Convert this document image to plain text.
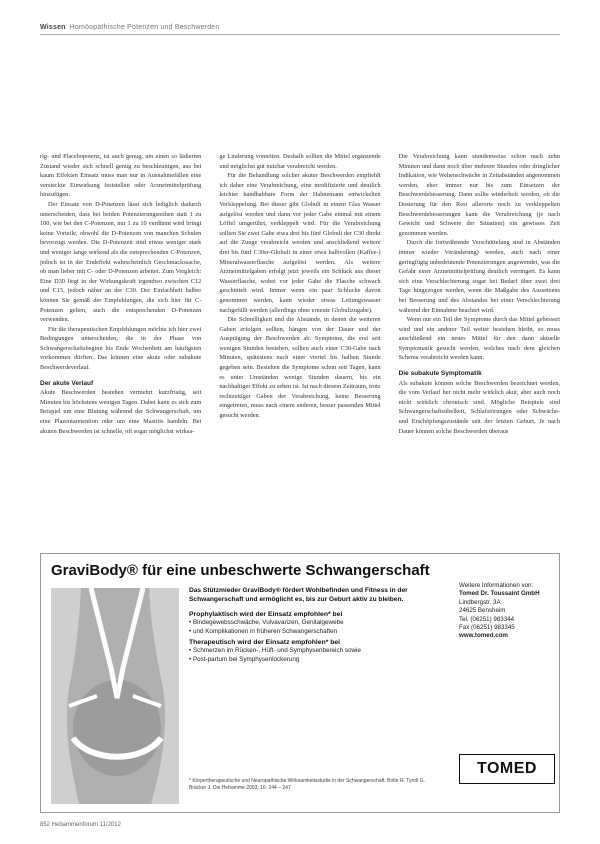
Wissen Homöopathische Potenzen und Beschwerden

rig- und Placebopotenz, ist auch genug, um einen so lädierten Zustand wieder sich schnell genug zu beschleunigen, aus bei kaum Effekten Einsatz muss man nur in Ausnahmefällen eine versteckte Einwirkung feststellen oder Arzneimittelprüfung hinzufügen.

Der Einsatz von D-Potenzen lässt sich lediglich dadurch unterscheiden, dass bei beiden Potenzierungsreihen statt 1 zu 100, wie bei den C-Potenzen, nur 1 zu 10 verdünnt wird bringt keine Vorteile, obwohl die D-Potenzen von manchen Schulen bevorzugt werden. Die D-Potenzen sind etwas weniger stark und weniger lange wirkend als die entsprechenden C-Potenzen, jedoch ist in der Endeffekt wahrscheinlich Geschmackssache, ob man lieber mit C- oder D-Potenzen arbeitet. Zum Vergleich: Eine D30 liegt in der Wirkungskraft irgendwo zwischen C12 und C15, jedoch näher an der C30. Der Einfachheit halber können Sie gemäß der Empfehlungen, die sich hier für C-Potenzen gelten, auch die entsprechenden D-Potenzen verwenden.

Für die therapeutischen Empfehlungen möchte ich hier zwei Bedingungen unterscheiden, die in der Phase von Schwangerschaftsbeginn bis Ende Wochenbett am häufigsten vorkommen dürften. Das können eine akute oder subakute Beschwerdeverlauf.

Der akute Verlauf

Akute Beschwerden bestehen vermehrt kurzfristig, seit Minuten bis höchstens wenigen Tagen. Dabei kann es sich zum Beispiel um eine Blutung während der Schwangerschaft, um eine Plazentaretention oder um eine Mastitis handeln. Bei akuten Beschwerden ist schnelle, oft sogar möglichst wirksa-

ge Linderung vonnöten. Deshalb sollten die Mittel ergänzende und möglichst gut nutzbar verabreicht werden.

Für die Behandlung solcher akuter Beschwerden empfiehlt ich daher eine Verabreichung, eine modifizierte und deutlich leichter handhabbare Form der Hahnemann entwickelten Verkleppelung. Bei dieser gibt Globuli in einem Glas Wasser aufgelöst werden und dann vor jeder Gabe einmal mit einem Löffel umgerührt, verkleppelt wird. Für die Verabreichung sollten Sie zwei Gabe etwa drei bis fünf Globuli der C30 direkt auf die Zunge verabreicht werden und anschließend weitere drei bis fünf C30er-Globuli in einer etwa halbvollen (Kaffee-) Mineralwasserflasche aufgelöst werden. Als weitere Arzneimittelgaben erfolgt jetzt jeweils ein Schluck aus dieser Wasserflasche, wobei vor jeder Gabe die Flasche schwach geschüttelt wird. Immer wenn ein paar Schlucke davon genommen werden, kann wieder etwas Leitungswasser nachgefüllt werden (allerdings ohne erneute Globulizugabe).

Die Schnelligkeit und die Abstände, in denen die weiteren Gaben erfolgen sollten, hängen von der Dauer und der Ausprägung der Beschwerden ab. Symptome, die erst seit wenigen Stunden bestehen, sollten auch einer C30-Gabe nach Minuten, spätestens nach einer viertel bis halben Stunde gegeben sein. Bestehen die Symptome schon seit Tagen, kann es unter Umständen wenige Stunden dauern, bis ein nachhaltiger Effekt zu sehen ist. Ist nach diesem Zeitraum, trotz rechtzeitiger Gaben der Verabreichung, keine Besserung eingetreten, muss nach einem anderen, besser passenden Mittel gesucht werden.

Die Verabreichung kann stundenweise schon nach zehn Minuten und dann noch über mehrere Stunden oder dringlicher Indikation, wie Wehenschwäche in Zeitabständen angenommen werden, eher immer nur bis zum Einsetzen der Beschwerdebesserung. Dann sollte wiederholt werden, ob die Dosierung für den Rest allerorts noch zu verkleppelten Beschwerdebesserungen kann die Verabreichung (je nach Gewicht und Schwere der Situation) ein gewisses Zeit genommen werden.

Durch die fortwährende Verschüttelung sind in Abständen immer wieder Veränderung) werden, auch nach einer geringfügig unbedeutende Potenzierungen angewendet, was die Gefahr einer Arzneimittelprüfung deutlich verringert. Es kann sich eine Verschlechterung sogar bei Bedarf über zwei drei Tage hingezogen werden, wenn die Maßgabe des Aussetzens bei Besserung und des Abstandes bei einer Verschlechterung während der Einnahme beachtet wird.

Wenn nur ein Teil der Symptome durch das Mittel gebessert wird und ein anderer Teil weiter bestehen bleibt, so muss anschließend ein neues Mittel für den dann aktuelle Symptomatik gesucht werden, welches nach dem gleichen Schema verabreicht werden kann.

Die subakute Symptomatik

Als subakute können solche Beschwerden bezeichnet werden, die vom Verlauf her nicht mehr wirklich akut, aber auch noch nicht wirklich chronisch sind. Mögliche Beispiele sind Schwangerschaftsübelkeit, Schlafstörungen oder Schwäche- und Erschöpfungszustände seit der letzten Geburt. Je nach Dauer können solche Beschwerden überaus

GraviBody® für eine unbeschwerte Schwangerschaft

Das Stützmieder GraviBody® fördert Wohlbefinden und Fitness in der Schwangerschaft und ermöglicht es, bis zur Geburt aktiv zu bleiben.

Prophylaktisch wird der Einsatz empfohlen* bei

• Bindegewebsschwäche, Vulvavarizen, Genitalgewebe
• und Komplikationen in früheren Schwangerschaften

Therapeutisch wird der Einsatz empfohlen* bei

• Schmerzen im Rücken-, Hüft- und Symphysenbereich sowie
• Post-partum bei Symphysenlockerung
* Körpertherapeutische und Neuropathische Wirksamkeitsstudie in der Schwangerschaft. Bolte R. Tyroll G. Bräcker J. Die Hebamme 2003; 16: 244 – 247
Weitere Informationen von:
Tomed Dr. Toussaint GmbH
Lindbergstr. 3A
24625 Bensheim
Tel. (06251) 983344
Fax (06251) 983345
www.tomed.com
TOMED
852 Hebammenforum 11/2012
